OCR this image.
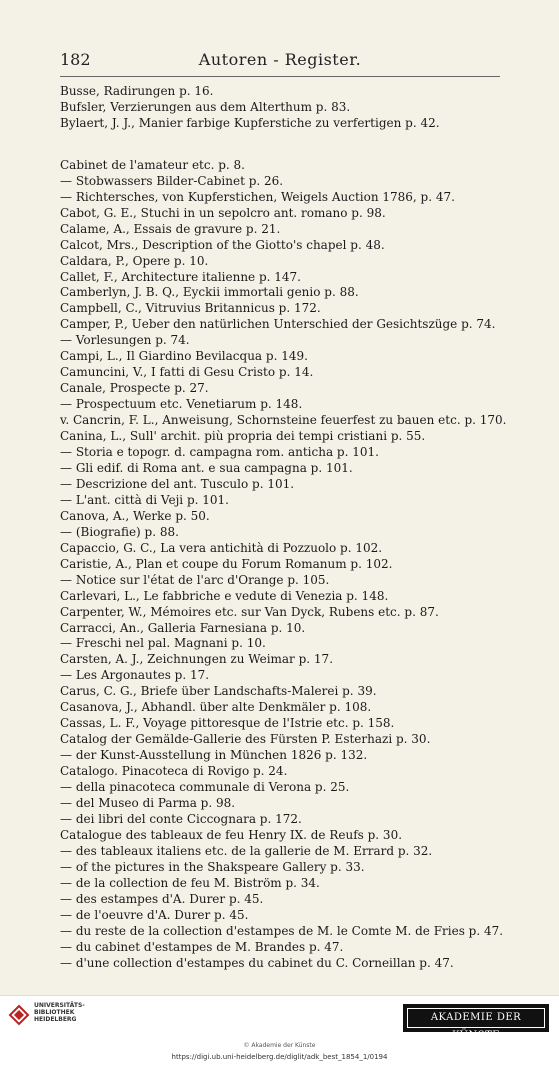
182	Autoren - Register.
Busse, Radirungen p. 16.
Bufsler, Verzierungen aus dem Alterthum p. 83.
Bylaert, J. J., Manier farbige Kupferstiche zu verfertigen p. 42.
Cabinet de l'amateur etc. p. 8.
— Stobwassers Bilder-Cabinet p. 26.
— Richtersches, von Kupferstichen, Weigels Auction 1786, p. 47.
Cabot, G. E., Stuchi in un sepolcro ant. romano p. 98.
Calame, A., Essais de gravure p. 21.
Calcot, Mrs., Description of the Giotto's chapel p. 48.
Caldara, P., Opere p. 10.
Callet, F., Architecture italienne p. 147.
Camberlyn, J. B. Q., Eyckii immortali genio p. 88.
Campbell, C., Vitruvius Britannicus p. 172.
Camper, P., Ueber den natürlichen Unterschied der Gesichtszüge p. 74.
— Vorlesungen p. 74.
Campi, L., Il Giardino Bevilacqua p. 149.
Camuncini, V., I fatti di Gesu Cristo p. 14.
Canale, Prospecte p. 27.
— Prospectuum etc. Venetiarum p. 148.
v. Cancrin, F. L., Anweisung, Schornsteine feuerfest zu bauen etc. p. 170.
Canina, L., Sull' archit. più propria dei tempi cristiani p. 55.
— Storia e topogr. d. campagna rom. anticha p. 101.
— Gli edif. di Roma ant. e sua campagna p. 101.
— Descrizione del ant. Tusculo p. 101.
— L'ant. città di Veji p. 101.
Canova, A., Werke p. 50.
— (Biografie) p. 88.
Capaccio, G. C., La vera antichità di Pozzuolo p. 102.
Caristie, A., Plan et coupe du Forum Romanum p. 102.
— Notice sur l'état de l'arc d'Orange p. 105.
Carlevari, L., Le fabbriche e vedute di Venezia p. 148.
Carpenter, W., Mémoires etc. sur Van Dyck, Rubens etc. p. 87.
Carracci, An., Galleria Farnesiana p. 10.
— Freschi nel pal. Magnani p. 10.
Carsten, A. J., Zeichnungen zu Weimar p. 17.
— Les Argonautes p. 17.
Carus, C. G., Briefe über Landschafts-Malerei p. 39.
Casanova, J., Abhandl. über alte Denkmäler p. 108.
Cassas, L. F., Voyage pittoresque de l'Istrie etc. p. 158.
Catalog der Gemälde-Gallerie des Fürsten P. Esterhazi p. 30.
— der Kunst-Ausstellung in München 1826 p. 132.
Catalogo. Pinacoteca di Rovigo p. 24.
— della pinacoteca communale di Verona p. 25.
— del Museo di Parma p. 98.
— dei libri del conte Ciccognara p. 172.
Catalogue des tableaux de feu Henry IX. de Reufs p. 30.
— des tableaux italiens etc. de la gallerie de M. Errard p. 32.
— of the pictures in the Shakspeare Gallery p. 33.
— de la collection de feu M. Biström p. 34.
— des estampes d'A. Durer p. 45.
— de l'oeuvre d'A. Durer p. 45.
— du reste de la collection d'estampes de M. le Comte M. de Fries p. 47.
— du cabinet d'estampes de M. Brandes p. 47.
— d'une collection d'estampes du cabinet du C. Corneillan p. 47.
UNIVERSITÄTS-
BIBLIOTHEK
HEIDELBERG	AKADEMIE DER KÜNSTE
© Akademie der Künste
https://digi.ub.uni-heidelberg.de/diglit/adk_best_1854_1/0194
